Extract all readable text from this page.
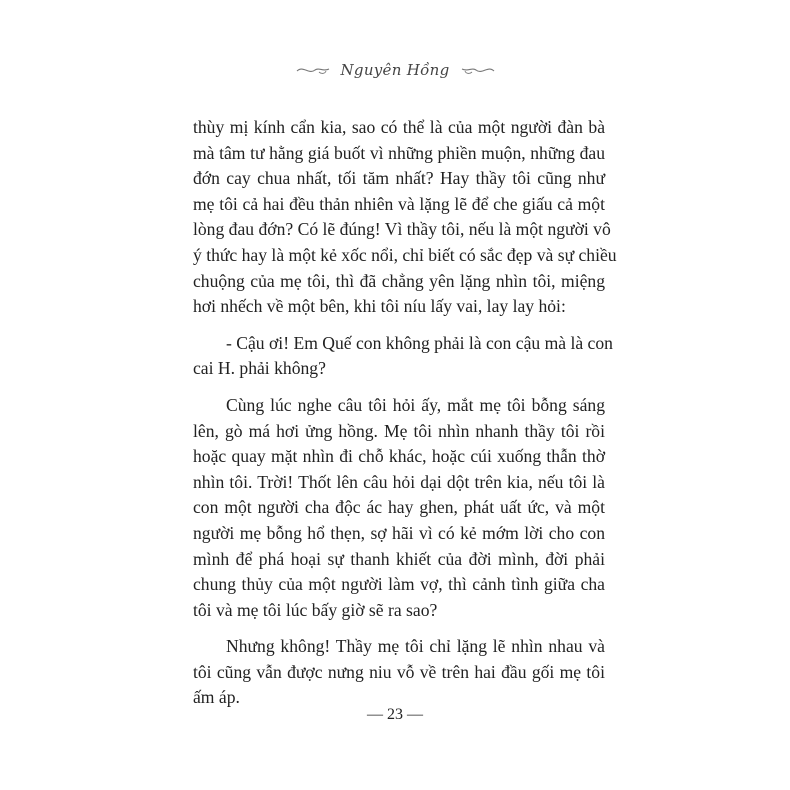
Nguyên Hồng

thùy mị kính cẩn kia, sao có thể là của một người đàn bà
mà tâm tư hằng giá buốt vì những phiền muộn, những đau
đớn cay chua nhất, tối tăm nhất? Hay thầy tôi cũng như
mẹ tôi cả hai đều thản nhiên và lặng lẽ để che giấu cả một
lòng đau đớn? Có lẽ đúng! Vì thầy tôi, nếu là một người vô
ý thức hay là một kẻ xốc nổi, chỉ biết có sắc đẹp và sự chiều
chuộng của mẹ tôi, thì đã chẳng yên lặng nhìn tôi, miệng
hơi nhếch về một bên, khi tôi níu lấy vai, lay lay hỏi:

- Cậu ơi! Em Quế con không phải là con cậu mà là con
cai H. phải không?

Cùng lúc nghe câu tôi hỏi ấy, mắt mẹ tôi bỗng sáng
lên, gò má hơi ửng hồng. Mẹ tôi nhìn nhanh thầy tôi rồi
hoặc quay mặt nhìn đi chỗ khác, hoặc cúi xuống thẫn thờ
nhìn tôi. Trời! Thốt lên câu hỏi dại dột trên kia, nếu tôi là
con một người cha độc ác hay ghen, phát uất ức, và một
người mẹ bỗng hổ thẹn, sợ hãi vì có kẻ mớm lời cho con
mình để phá hoại sự thanh khiết của đời mình, đời phải
chung thủy của một người làm vợ, thì cảnh tình giữa cha
tôi và mẹ tôi lúc bấy giờ sẽ ra sao?

Nhưng không! Thầy mẹ tôi chỉ lặng lẽ nhìn nhau và
tôi cũng vẫn được nưng niu vỗ về trên hai đầu gối mẹ tôi
ấm áp.

— 23 —
